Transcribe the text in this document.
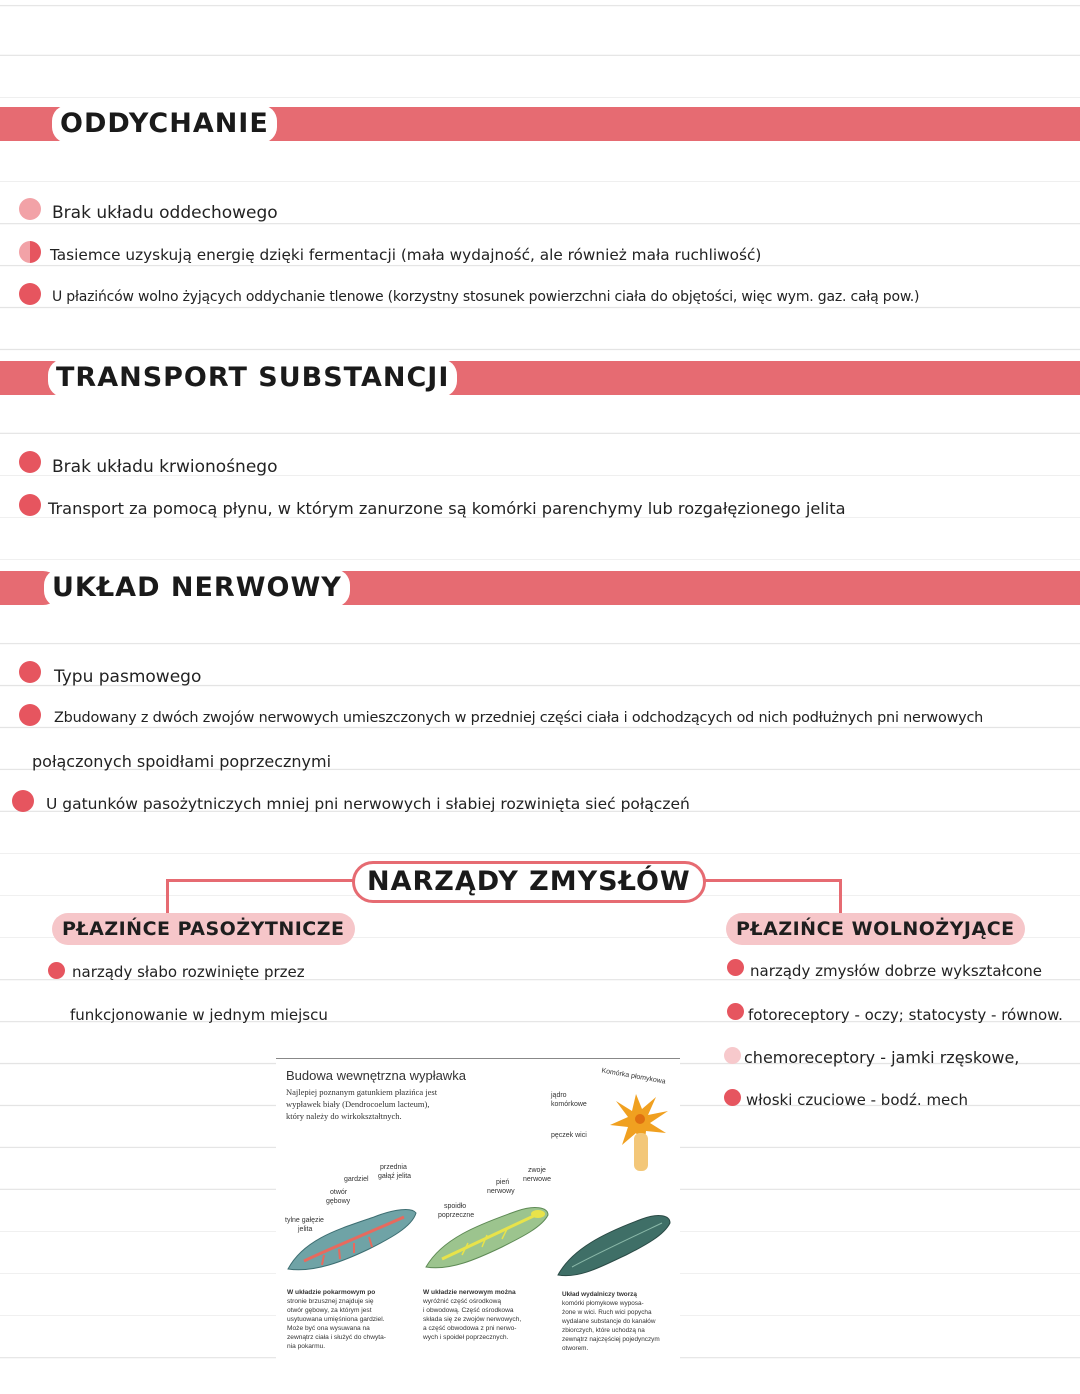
ODDYCHANIE
Brak układu oddechowego
Tasiemce uzyskują energię dzięki fermentacji (mała wydajność, ale również mała ruchliwość)
U płazińców wolno żyjących oddychanie tlenowe (korzystny stosunek powierzchni ciała do objętości, więc wym. gaz. całą pow.)
TRANSPORT SUBSTANCJI
Brak układu krwionośnego
Transport za pomocą płynu, w którym zanurzone są komórki parenchymy lub rozgałęzionego jelita
UKŁAD NERWOWY
Typu pasmowego
Zbudowany z dwóch zwojów nerwowych umieszczonych w przedniej części ciała i odchodzących od nich podłużnych pni nerwowych
połączonych spoidłami poprzecznymi
U gatunków pasożytniczych mniej pni nerwowych i słabiej rozwinięta sieć połączeń
NARZĄDY ZMYSŁÓW
PŁAZIŃCE PASOŻYTNICZE
narządy słabo rozwinięte przez
funkcjonowanie w jednym miejscu
PŁAZIŃCE WOLNOŻYJĄCE
narządy zmysłów dobrze wykształcone
fotoreceptory - oczy; statocysty - równow.
chemoreceptory - jamki rzęskowe,
włoski czuciowe - bodź. mech
Budowa wewnętrzna wypławka
Najlepiej poznanym gatunkiem płazińca jest
wypławek biały (Dendrocoelum lacteum),
który należy do wirkokształtnych.
Komórka płomykowa
jądro
komórkowe
pęczek wici
przednia
gałąź jelita
gardziel
otwór
gębowy
tylne gałęzie
jelita
zwoje
nerwowe
pień
nerwowy
spoidło
poprzeczne
W układzie pokarmowym po
stronie brzusznej znajduje się
otwór gębowy, za którym jest
usytuowana umięśniona gardziel.
Może być ona wysuwana na
zewnątrz ciała i służyć do chwyta-
nia pokarmu.
W układzie nerwowym można
wyróżnić część ośrodkową
i obwodową. Część ośrodkowa
składa się ze zwojów nerwowych,
a część obwodowa z pni nerwo-
wych i spoideł poprzecznych.
Układ wydalniczy tworzą
komórki płomykowe wyposa-
żone w wici. Ruch wici popycha
wydalane substancje do kanałów
zbiorczych, które uchodzą na
zewnątrz najczęściej pojedynczym
otworem.
